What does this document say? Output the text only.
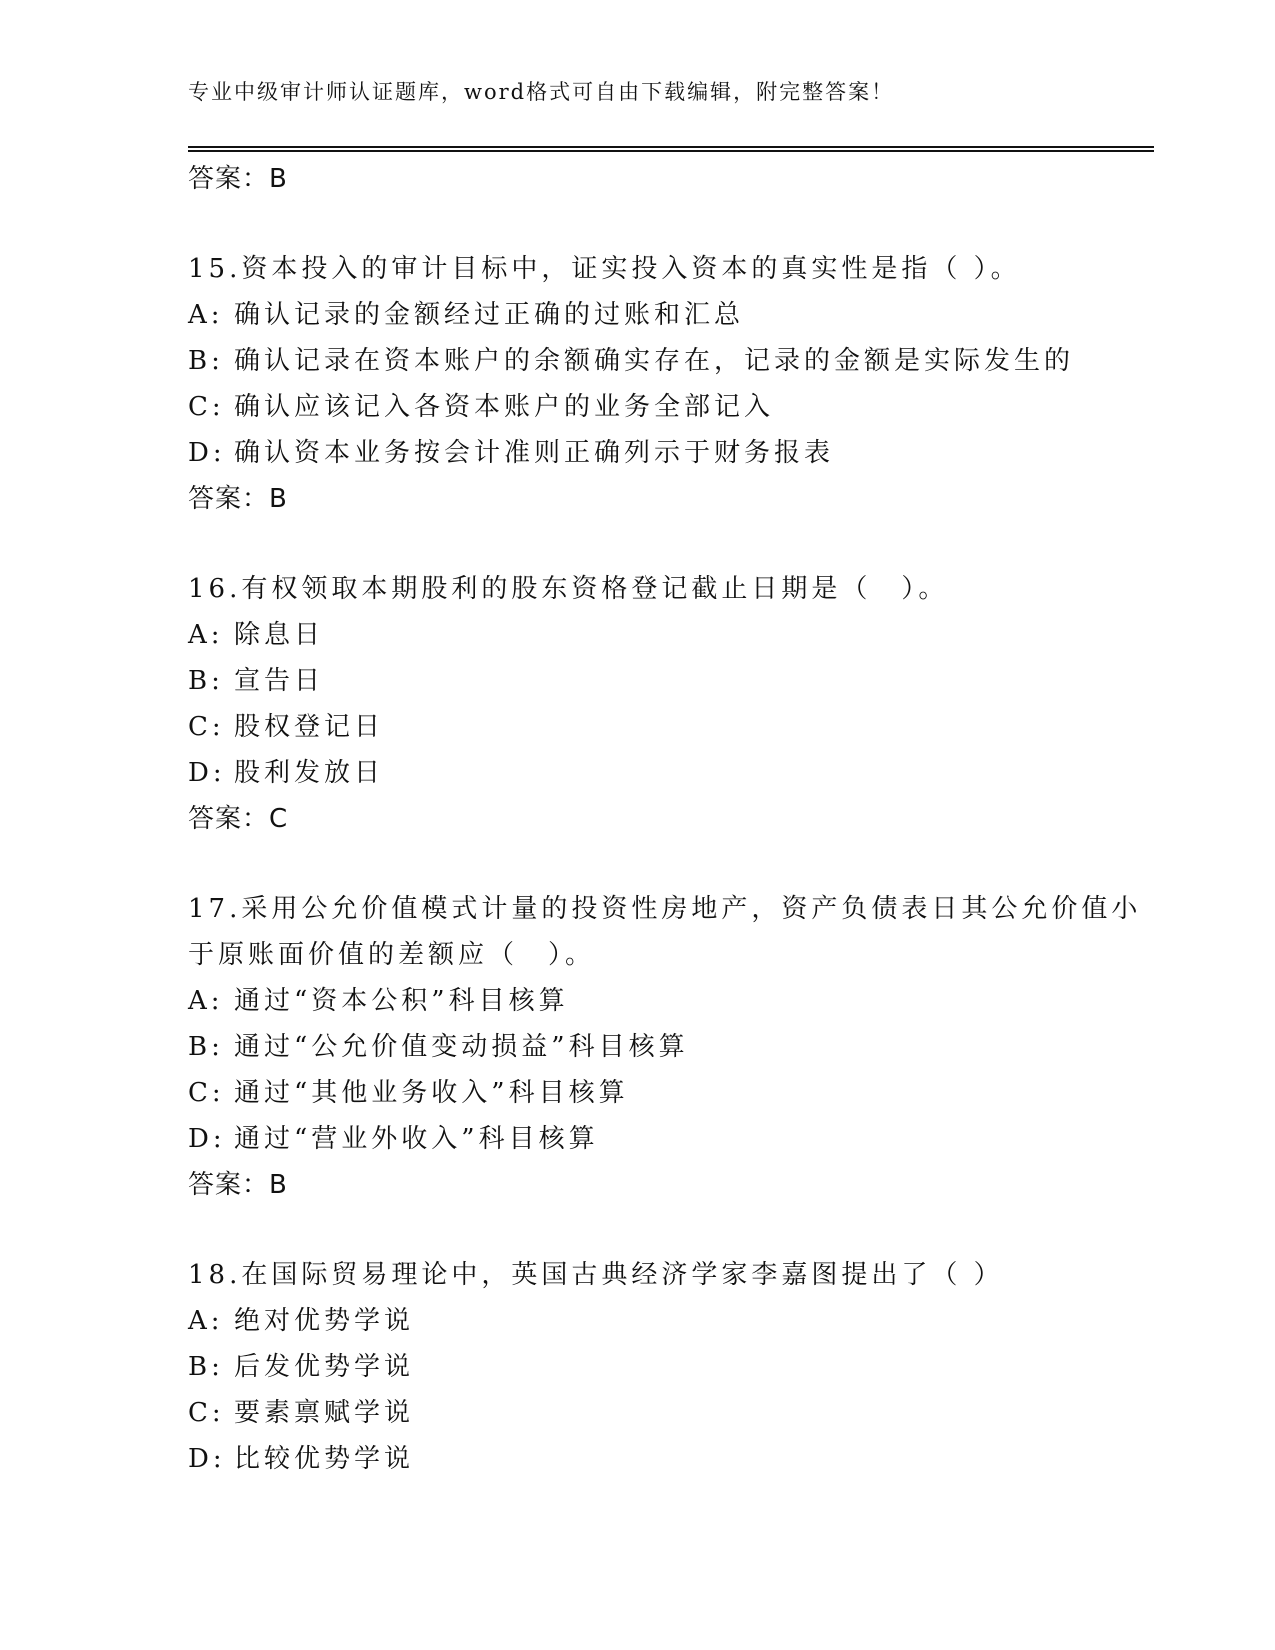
专业中级审计师认证题库，word格式可自由下载编辑，附完整答案！
答案：B
15.资本投入的审计目标中，证实投入资本的真实性是指（ ）。
A: 确认记录的金额经过正确的过账和汇总
B: 确认记录在资本账户的余额确实存在，记录的金额是实际发生的
C: 确认应该记入各资本账户的业务全部记入
D: 确认资本业务按会计准则正确列示于财务报表
答案：B
16.有权领取本期股利的股东资格登记截止日期是（　）。
A: 除息日
B: 宣告日
C: 股权登记日
D: 股利发放日
答案：C
17.采用公允价值模式计量的投资性房地产，资产负债表日其公允价值小于原账面价值的差额应（　）。
A: 通过“资本公积”科目核算
B: 通过“公允价值变动损益”科目核算
C: 通过“其他业务收入”科目核算
D: 通过“营业外收入”科目核算
答案：B
18.在国际贸易理论中，英国古典经济学家李嘉图提出了（ ）
A: 绝对优势学说
B: 后发优势学说
C: 要素禀赋学说
D: 比较优势学说
